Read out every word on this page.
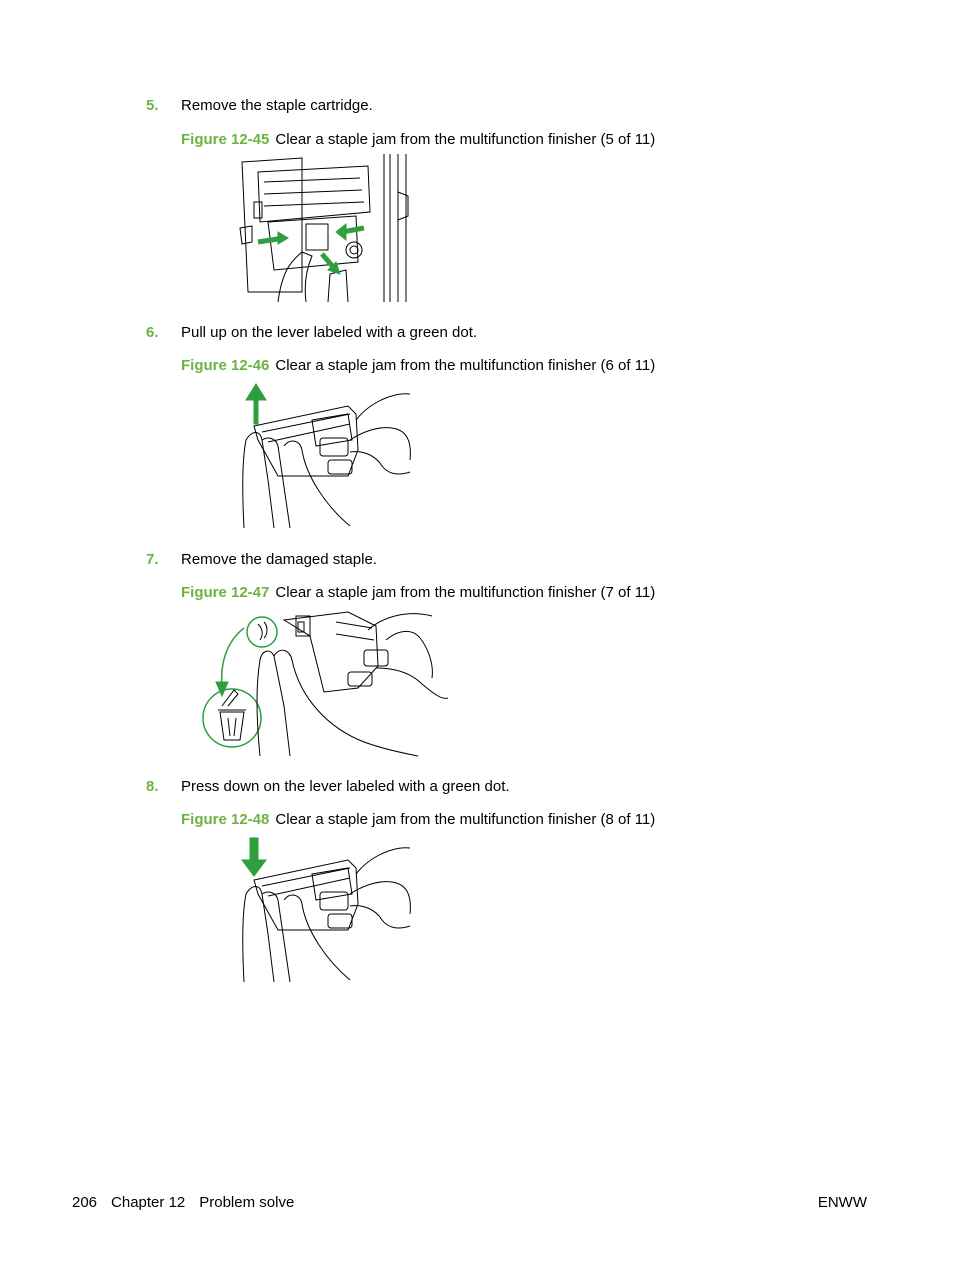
5. Remove the staple cartridge.
Figure 12-45 Clear a staple jam from the multifunction finisher (5 of 11)
6. Pull up on the lever labeled with a green dot.
Figure 12-46 Clear a staple jam from the multifunction finisher (6 of 11)
7. Remove the damaged staple.
Figure 12-47 Clear a staple jam from the multifunction finisher (7 of 11)
8. Press down on the lever labeled with a green dot.
Figure 12-48 Clear a staple jam from the multifunction finisher (8 of 11)
206 Chapter 12 Problem solve	ENWW
